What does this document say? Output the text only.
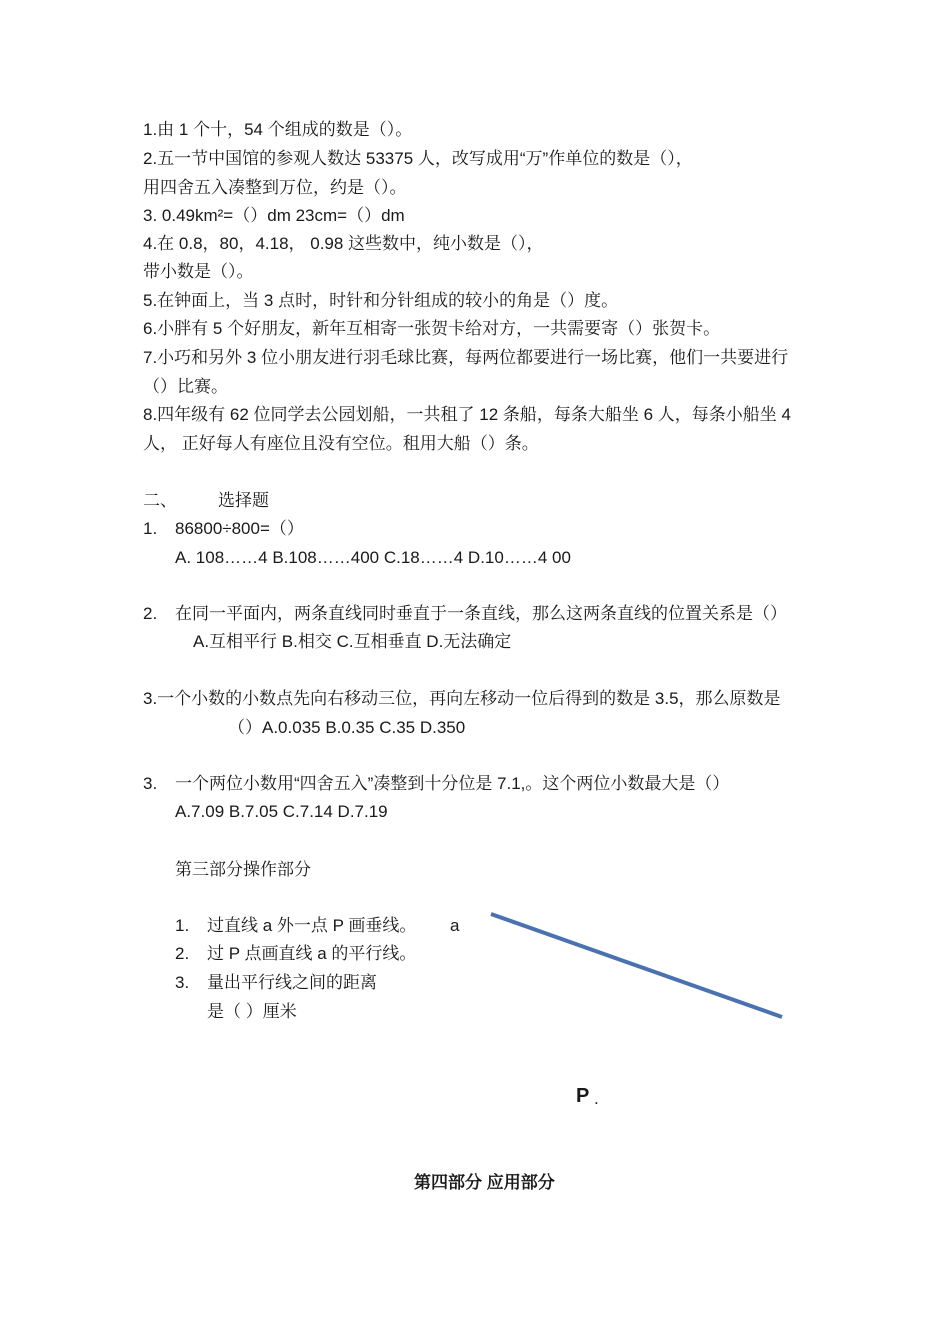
1.由 1 个十，54 个组成的数是（）。
2.五一节中国馆的参观人数达 53375 人，改写成用“万”作单位的数是（），
用四舍五入凑整到万位，约是（）。
3. 0.49km²=（）dm 23cm=（）dm
4.在 0.8，80，4.18， 0.98 这些数中，纯小数是（），
带小数是（）。
5.在钟面上，当 3 点时，时针和分针组成的较小的角是（）度。
6.小胖有 5 个好朋友，新年互相寄一张贺卡给对方，一共需要寄（）张贺卡。
7.小巧和另外 3 位小朋友进行羽毛球比赛，每两位都要进行一场比赛，他们一共要进行
（）比赛。
8.四年级有 62 位同学去公园划船，一共租了 12 条船，每条大船坐 6 人，每条小船坐 4
人， 正好每人有座位且没有空位。租用大船（）条。
二、 选择题
1. 86800÷800=（）
A. 108……4 B.108……400 C.18……4 D.10……4 00
2. 在同一平面内，两条直线同时垂直于一条直线，那么这两条直线的位置关系是（）
A.互相平行 B.相交 C.互相垂直 D.无法确定
3.一个小数的小数点先向右移动三位，再向左移动一位后得到的数是 3.5，那么原数是
（）A.0.035 B.0.35 C.35 D.350
3. 一个两位小数用“四舍五入”凑整到十分位是 7.1,。这个两位小数最大是（）
A.7.09 B.7.05 C.7.14 D.7.19
第三部分操作部分
1. 过直线 a 外一点 P 画垂线。
2. 过 P 点画直线 a 的平行线。
3. 量出平行线之间的距离
是（ ）厘米
a
P .
第四部分 应用部分
